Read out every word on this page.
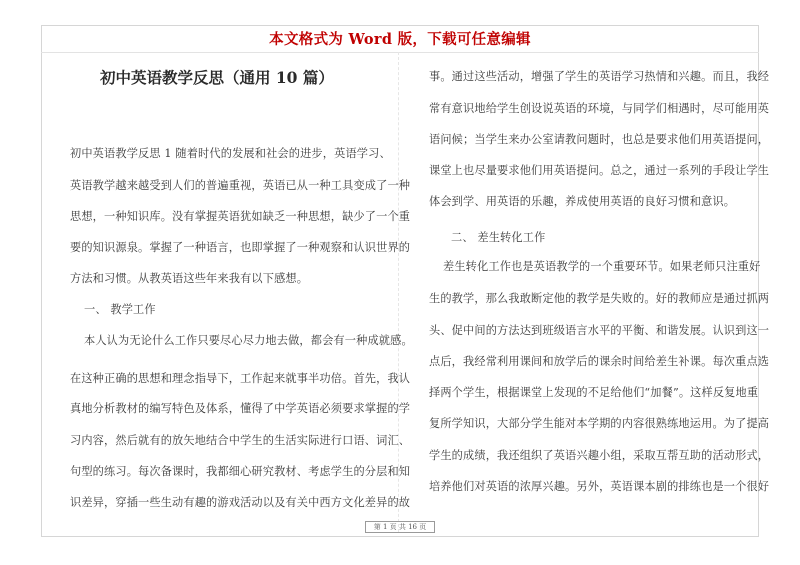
本文格式为 Word 版，下载可任意编辑
初中英语教学反思（通用 10 篇）
初中英语教学反思 1 随着时代的发展和社会的进步，英语学习、
英语教学越来越受到人们的普遍重视，英语已从一种工具变成了一种
思想，一种知识库。没有掌握英语犹如缺乏一种思想，缺少了一个重
要的知识源泉。掌握了一种语言，也即掌握了一种观察和认识世界的
方法和习惯。从教英语这些年来我有以下感想。
一、 教学工作
本人认为无论什么工作只要尽心尽力地去做，都会有一种成就感。
在这种正确的思想和理念指导下，工作起来就事半功倍。首先，我认
真地分析教材的编写特色及体系，懂得了中学英语必须要求掌握的学
习内容，然后就有的放矢地结合中学生的生活实际进行口语、词汇、
句型的练习。每次备课时，我都细心研究教材、考虑学生的分层和知
识差异，穿插一些生动有趣的游戏活动以及有关中西方文化差异的故
事。通过这些活动，增强了学生的英语学习热情和兴趣。而且，我经
常有意识地给学生创设说英语的环境，与同学们相遇时，尽可能用英
语问候；当学生来办公室请教问题时，也总是要求他们用英语提问，
课堂上也尽量要求他们用英语提问。总之，通过一系列的手段让学生
体会到学、用英语的乐趣，养成使用英语的良好习惯和意识。
二、 差生转化工作
差生转化工作也是英语教学的一个重要环节。如果老师只注重好
生的教学，那么我敢断定他的教学是失败的。好的教师应是通过抓两
头、促中间的方法达到班级语言水平的平衡、和谐发展。认识到这一
点后，我经常利用课间和放学后的课余时间给差生补课。每次重点选
择两个学生，根据课堂上发现的不足给他们“加餐”。这样反复地重
复所学知识，大部分学生能对本学期的内容很熟练地运用。为了提高
学生的成绩，我还组织了英语兴趣小组，采取互帮互助的活动形式，
培养他们对英语的浓厚兴趣。另外，英语课本剧的排练也是一个很好
第 1 页 共 16 页
